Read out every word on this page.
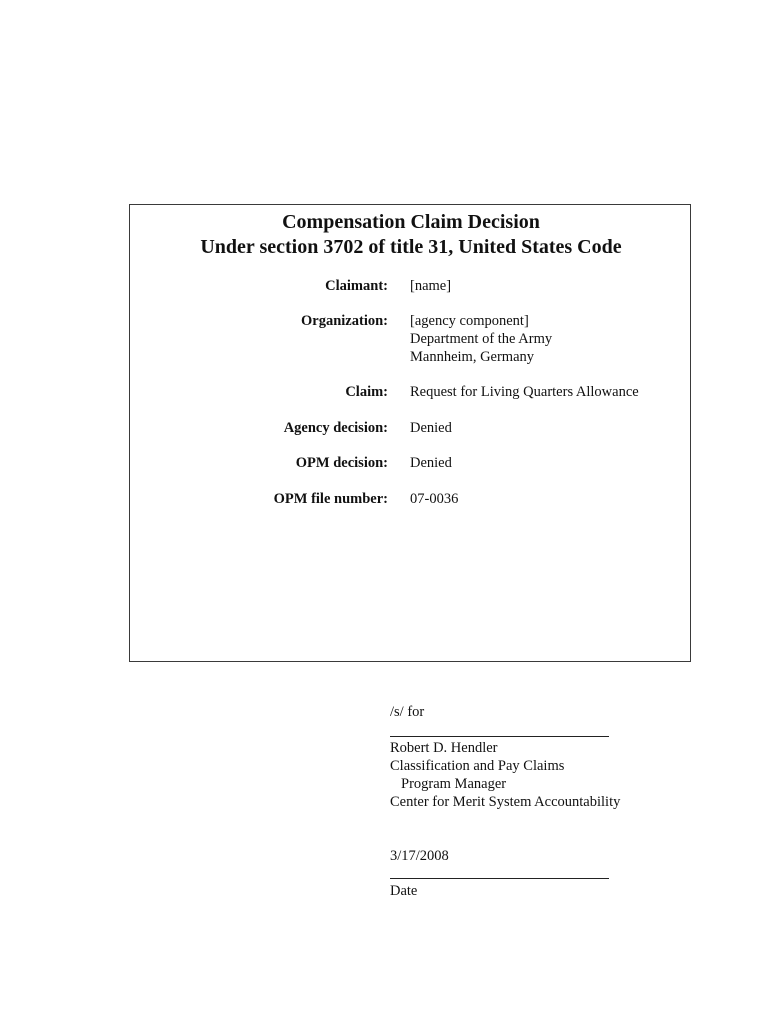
Compensation Claim Decision
Under section 3702 of title 31, United States Code
Claimant: [name]
Organization: [agency component]
Department of the Army
Mannheim, Germany
Claim: Request for Living Quarters Allowance
Agency decision: Denied
OPM decision: Denied
OPM file number: 07-0036
/s/ for
Robert D. Hendler
Classification and Pay Claims
Program Manager
Center for Merit System Accountability
3/17/2008
Date
